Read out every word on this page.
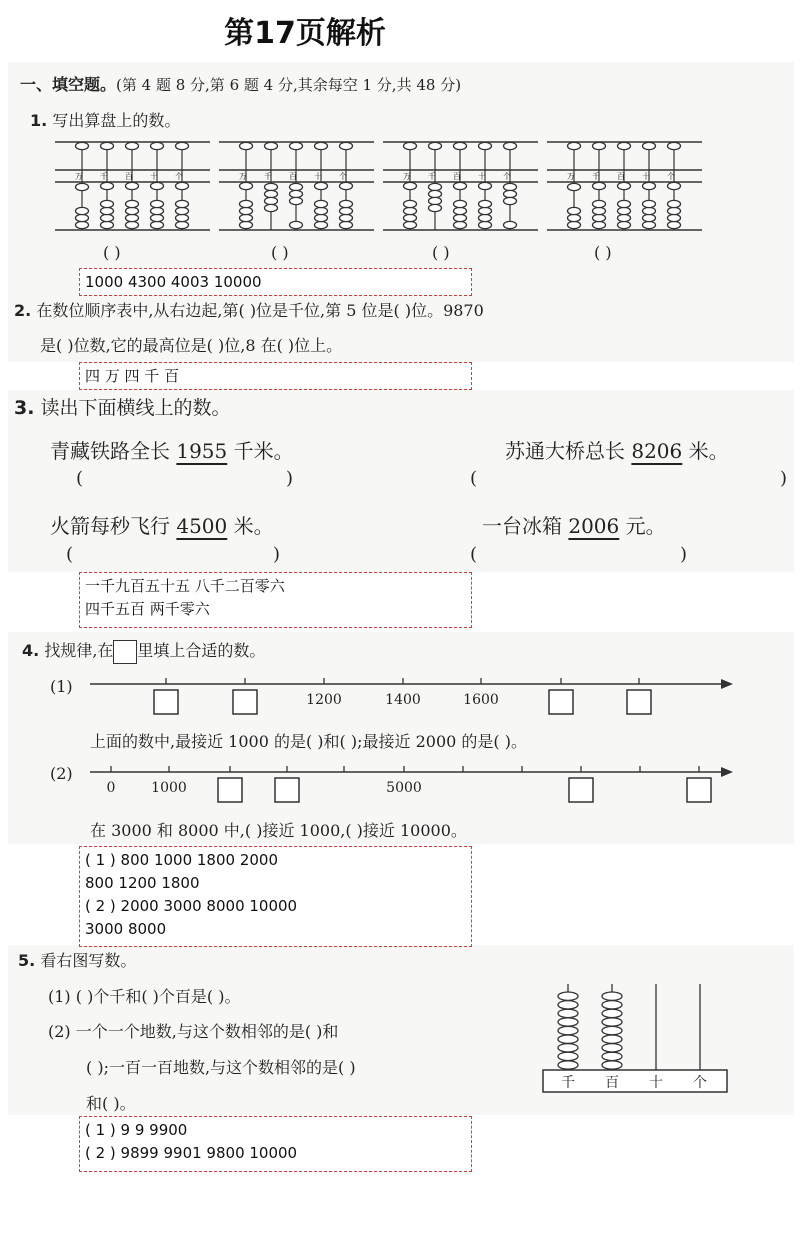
第17页解析
一、填空题。(第 4 题 8 分,第 6 题 4 分,其余每空 1 分,共 48 分)
1. 写出算盘上的数。
万 千 百 十 个	万 千 百 十 个	万 千 百 十 个	万 千 百 十 个
( )	( )	( )	( )
1000 4300 4003 10000
2. 在数位顺序表中,从右边起,第( )位是千位,第 5 位是( )位。9870
是( )位数,它的最高位是( )位,8 在( )位上。
四 万 四 千 百
3. 读出下面横线上的数。
青藏铁路全长 1955 千米。	苏通大桥总长 8206 米。
(	)	(	)
火箭每秒飞行 4500 米。	一台冰箱 2006 元。
(	)	(	)
一千九百五十五 八千二百零六
四千五百 两千零六
4. 找规律,在 里填上合适的数。
(1)
1200	1400	1600
上面的数中,最接近 1000 的是( )和( );最接近 2000 的是( )。
(2)
0	1000	5000
在 3000 和 8000 中,( )接近 1000,( )接近 10000。
( 1 ) 800 1000 1800 2000
800 1200 1800
( 2 ) 2000 3000 8000 10000
3000 8000
5. 看右图写数。
(1) ( )个千和( )个百是( )。
(2) 一个一个地数,与这个数相邻的是( )和
( );一百一百地数,与这个数相邻的是( )
和( )。
千 百 十 个
( 1 ) 9 9 9900
( 2 ) 9899 9901 9800 10000
